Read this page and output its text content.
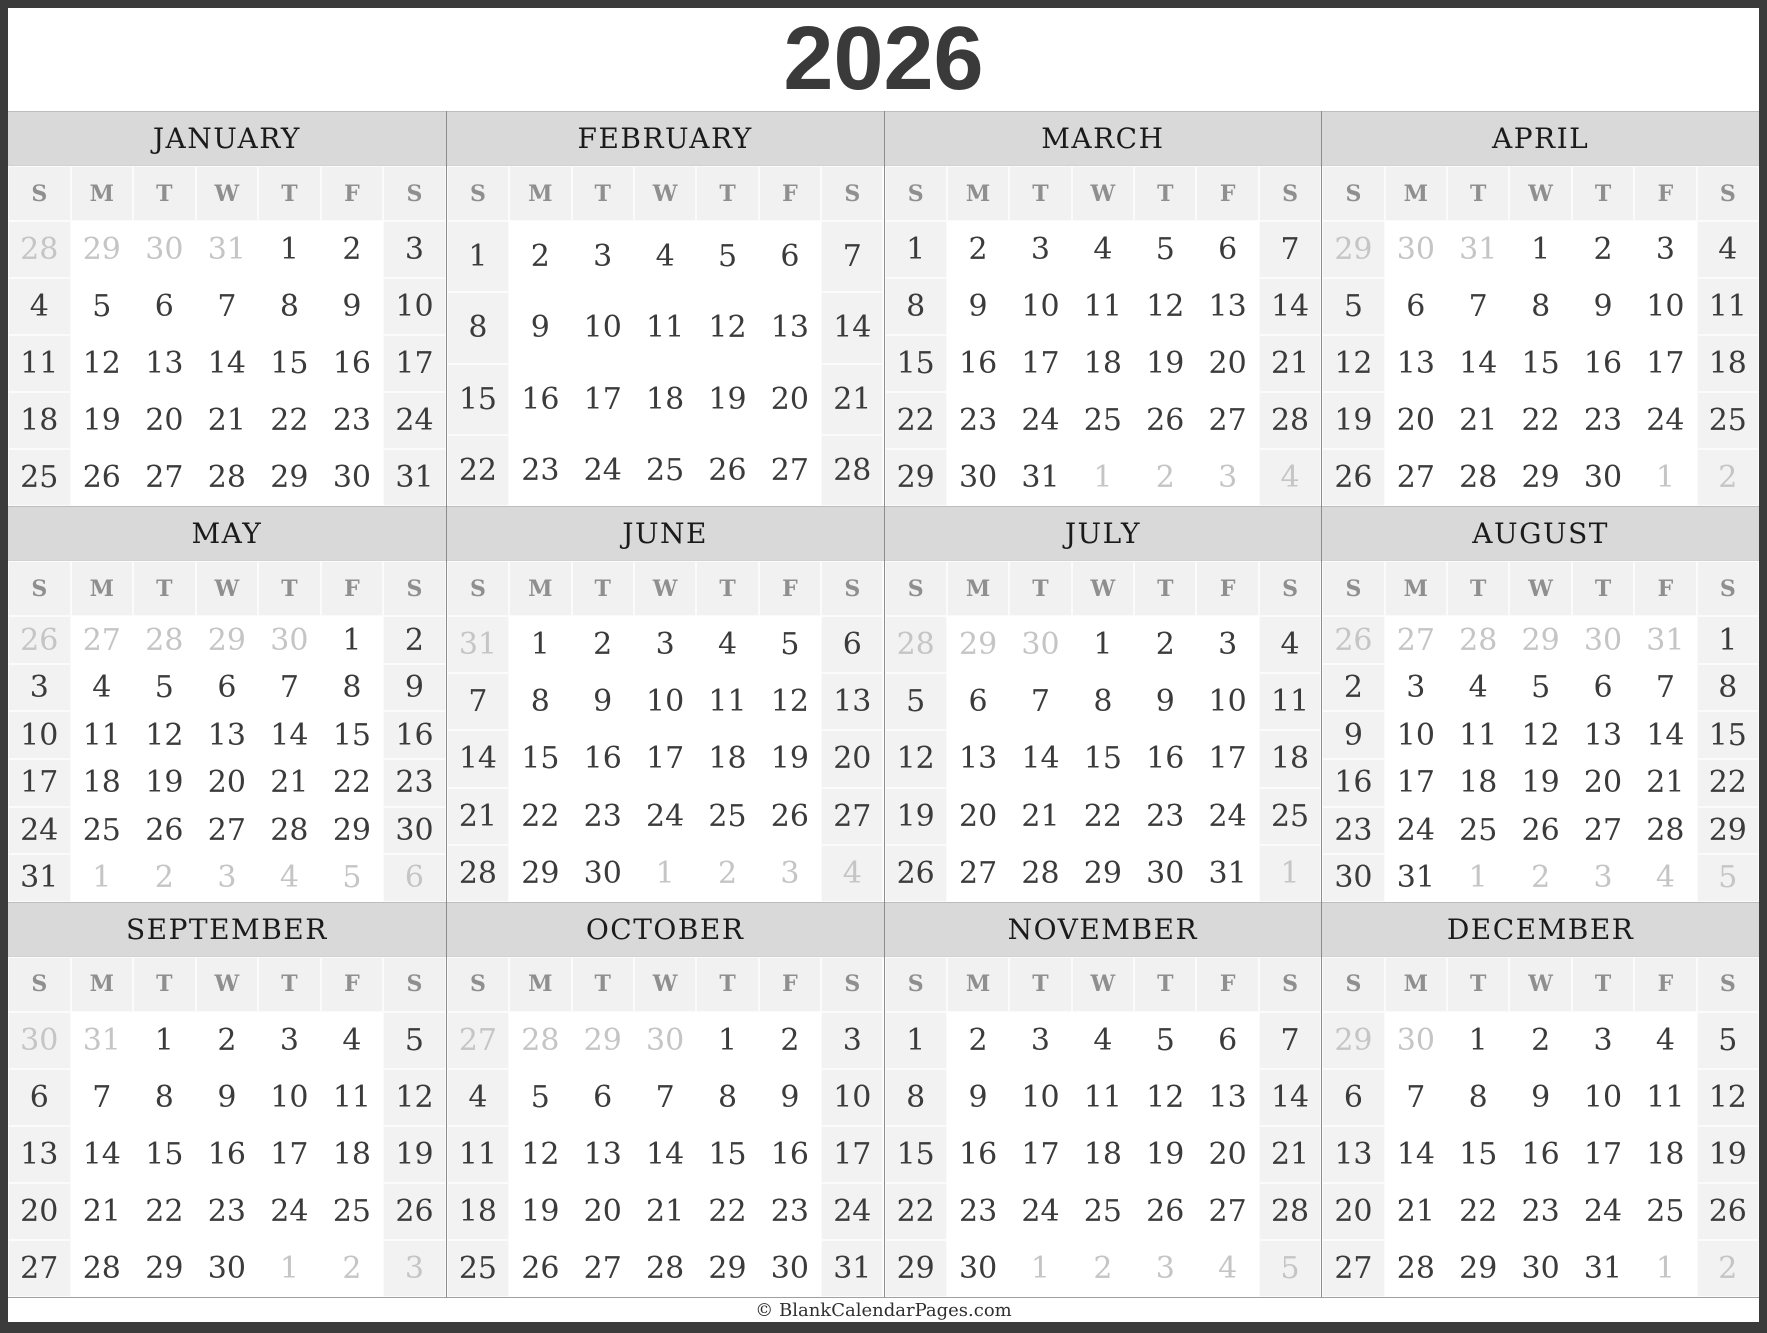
2026
JANUARY
S	M	T	W	T	F	S
28 29 30 31	1	2	3
4	5	6	7	8	9	10
11 12 13 14 15 16 17
18 19 20 21 22 23 24
25 26 27 28 29 30 31
FEBRUARY
S	M	T	W	T	F	S
1	2	3	4	5	6	7
8	9	10 11 12 13 14
15 16 17 18 19 20 21
22 23 24 25 26 27 28
MARCH
S	M	T	W	T	F	S
1	2	3	4	5	6	7
8	9	10 11 12 13 14
15 16 17 18 19 20 21
22 23 24 25 26 27 28
29 30 31	1	2	3	4
APRIL
S	M	T	W	T	F	S
29 30 31	1	2	3	4
5	6	7	8	9	10 11
12 13 14 15 16 17 18
19 20 21 22 23 24 25
26 27 28 29 30	1	2
MAY
S	M	T	W	T	F	S
26 27 28 29 30	1	2
3	4	5	6	7	8	9
10 11 12 13 14 15 16
17 18 19 20 21 22 23
24 25 26 27 28 29 30
31	1	2	3	4	5	6
JUNE
S	M	T	W	T	F	S
31	1	2	3	4	5	6
7	8	9	10 11 12 13
14 15 16 17 18 19 20
21 22 23 24 25 26 27
28 29 30	1	2	3	4
JULY
S	M	T	W	T	F	S
28 29 30	1	2	3	4
5	6	7	8	9	10 11
12 13 14 15 16 17 18
19 20 21 22 23 24 25
26 27 28 29 30 31	1
AUGUST
S	M	T	W	T	F	S
26 27 28 29 30 31	1
2	3	4	5	6	7	8
9	10 11 12 13 14 15
16 17 18 19 20 21 22
23 24 25 26 27 28 29
30 31	1	2	3	4	5
SEPTEMBER
S	M	T	W	T	F	S
30 31	1	2	3	4	5
6	7	8	9	10 11 12
13 14 15 16 17 18 19
20 21 22 23 24 25 26
27 28 29 30	1	2	3
OCTOBER
S	M	T	W	T	F	S
27 28 29 30	1	2	3
4	5	6	7	8	9	10
11 12 13 14 15 16 17
18 19 20 21 22 23 24
25 26 27 28 29 30 31
NOVEMBER
S	M	T	W	T	F	S
1	2	3	4	5	6	7
8	9	10 11 12 13 14
15 16 17 18 19 20 21
22 23 24 25 26 27 28
29 30	1	2	3	4	5
DECEMBER
S	M	T	W	T	F	S
29 30	1	2	3	4	5
6	7	8	9	10 11 12
13 14 15 16 17 18 19
20 21 22 23 24 25 26
27 28 29 30 31	1	2
© BlankCalendarPages.com
